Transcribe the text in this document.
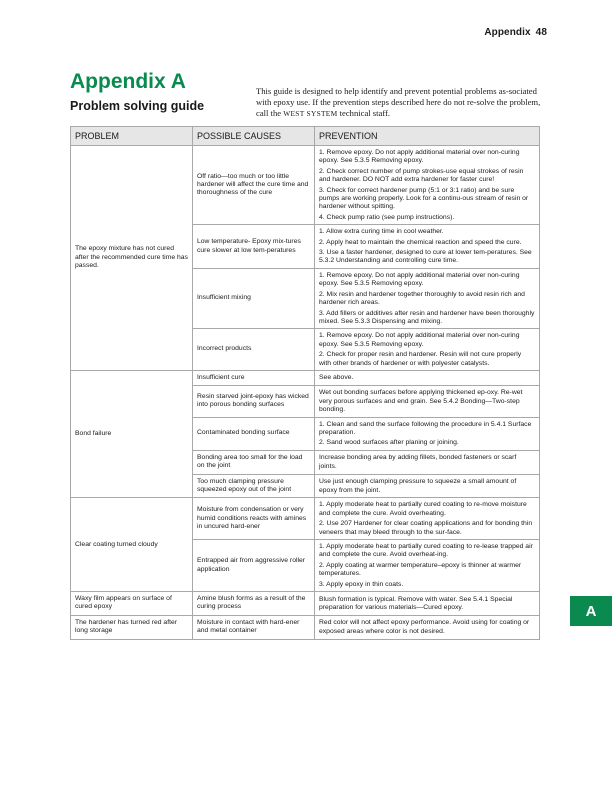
Appendix 48
Appendix A
Problem solving guide

This guide is designed to help identify and prevent potential problems as-sociated with epoxy use. If the prevention steps described here do not re-solve the problem, call the WEST SYSTEM technical staff.

PROBLEM	POSSIBLE CAUSES	PREVENTION
The epoxy mixture has not cured after the recommended cure time has passed.	Off ratio—too much or too little hardener will affect the cure time and thoroughness of the cure	1. Remove epoxy. Do not apply additional material over non-curing epoxy. See 5.3.5 Removing epoxy.

2. Check correct number of pump strokes-use equal strokes of resin and hardener. DO NOT add extra hardener for faster cure!

3. Check for correct hardener pump (5:1 or 3:1 ratio) and be sure pumps are working properly. Look for a continu-ous stream of resin or hardener without spitting.

4. Check pump ratio (see pump instructions).

	Low temperature- Epoxy mix-tures cure slower at low tem-peratures	1. Allow extra curing time in cool weather.

2. Apply heat to maintain the chemical reaction and speed the cure.

3. Use a faster hardener, designed to cure at lower tem-peratures. See 5.3.2 Understanding and controlling cure time.

	Insufficient mixing	1. Remove epoxy. Do not apply additional material over non-curing epoxy. See 5.3.5 Removing epoxy.

2. Mix resin and hardener together thoroughly to avoid resin rich and hardener rich areas.

3. Add fillers or additives after resin and hardener have been thoroughly mixed. See 5.3.3 Dispensing and mixing.

	Incorrect products	1. Remove epoxy. Do not apply additional material over non-curing epoxy. See 5.3.5 Removing epoxy.

2. Check for proper resin and hardener. Resin will not cure properly with other brands of hardener or with polyester catalysts.

Bond failure	Insufficient cure	See above.

	Resin starved joint-epoxy has wicked into porous bonding surfaces	Wet out bonding surfaces before applying thickened ep-oxy. Re-wet very porous surfaces and end grain. See 5.4.2 Bonding—Two-step bonding.

	Contaminated bonding surface	1. Clean and sand the surface following the procedure in 5.4.1 Surface preparation.

2. Sand wood surfaces after planing or joining.

	Bonding area too small for the load on the joint	Increase bonding area by adding fillets, bonded fasteners or scarf joints.

	Too much clamping pressure squeezed epoxy out of the joint	Use just enough clamping pressure to squeeze a small amount of epoxy from the joint.

Clear coating turned cloudy	Moisture from condensation or very humid conditions reacts with amines in uncured hard-ener	1. Apply moderate heat to partially cured coating to re-move moisture and complete the cure. Avoid overheating.

2. Use 207 Hardener for clear coating applications and for bonding thin veneers that may bleed through to the sur-face.

	Entrapped air from aggressive roller application	1. Apply moderate heat to partially cured coating to re-lease trapped air and complete the cure. Avoid overheat-ing.

2. Apply coating at warmer temperature–epoxy is thinner at warmer temperatures.

3. Apply epoxy in thin coats.

Waxy film appears on surface of cured epoxy	Amine blush forms as a result of the curing process	Blush formation is typical. Remove with water. See 5.4.1 Special preparation for various materials—Cured epoxy.

The hardener has turned red after long storage	Moisture in contact with hard-ener and metal container	Red color will not affect epoxy performance. Avoid using for coating or exposed areas where color is not desired.

A
